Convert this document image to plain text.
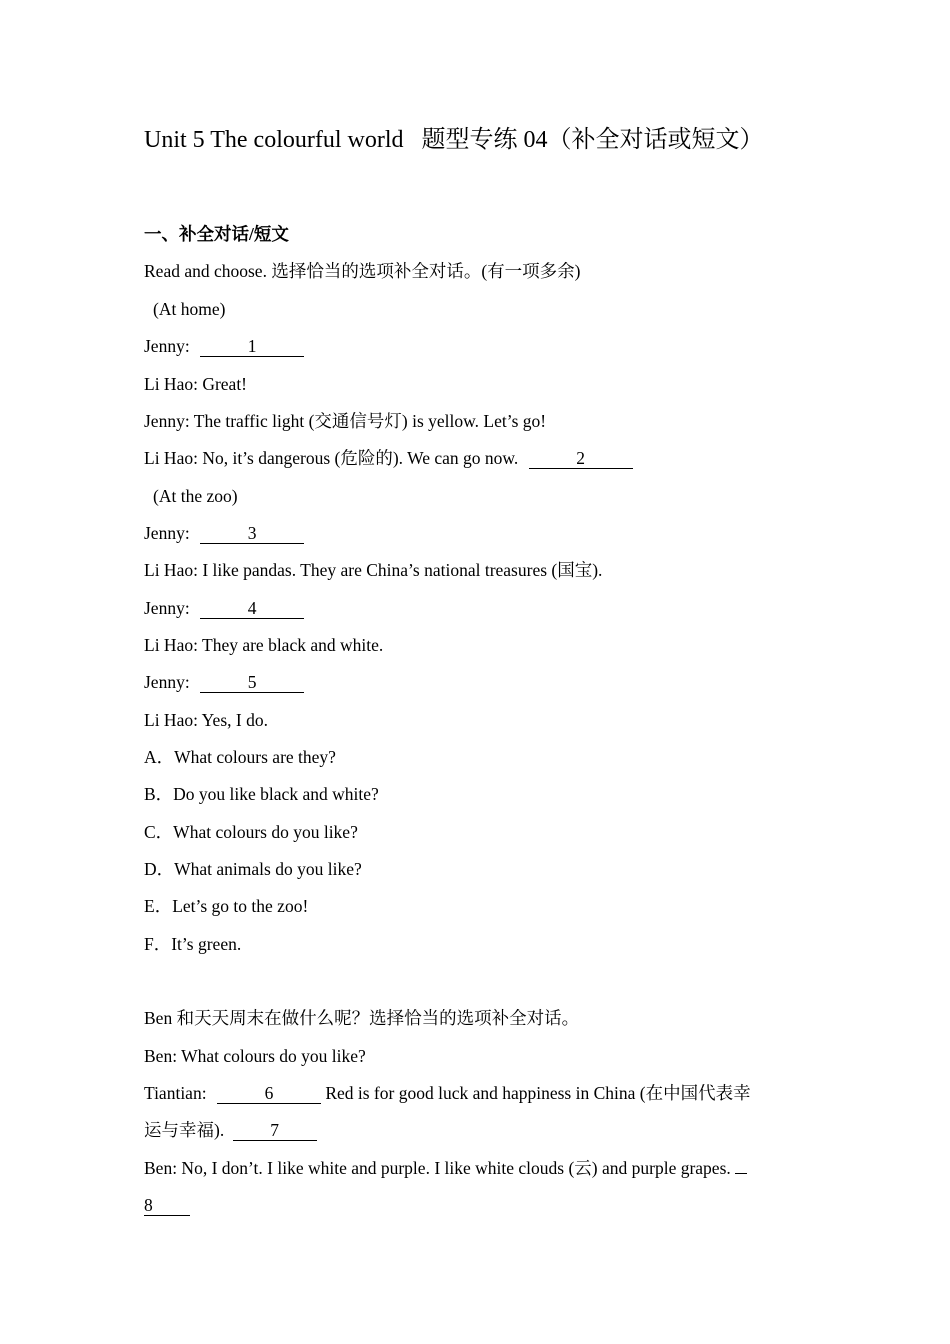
Unit 5 The colourful world 题型专练 04（补全对话或短文）
一、补全对话/短文
Read and choose. 选择恰当的选项补全对话。(有一项多余)
(At home)
Jenny:	1
Li Hao: Great!
Jenny: The traffic light (交通信号灯) is yellow. Let’s go!
Li Hao: No, it’s dangerous (危险的). We can go now.	2
(At the zoo)
Jenny:	3
Li Hao: I like pandas. They are China’s national treasures (国宝).
Jenny:	4
Li Hao: They are black and white.
Jenny:	5
Li Hao: Yes, I do.
A．What colours are they?
B．Do you like black and white?
C．What colours do you like?
D．What animals do you like?
E．Let’s go to the zoo!
F．It’s green.
Ben 和天天周末在做什么呢？选择恰当的选项补全对话。
Ben: What colours do you like?
Tiantian:	6	Red is for good luck and happiness in China (在中国代表幸
运与幸福).	7
Ben: No, I don’t. I like white and purple. I like white clouds (云) and purple grapes.
8
